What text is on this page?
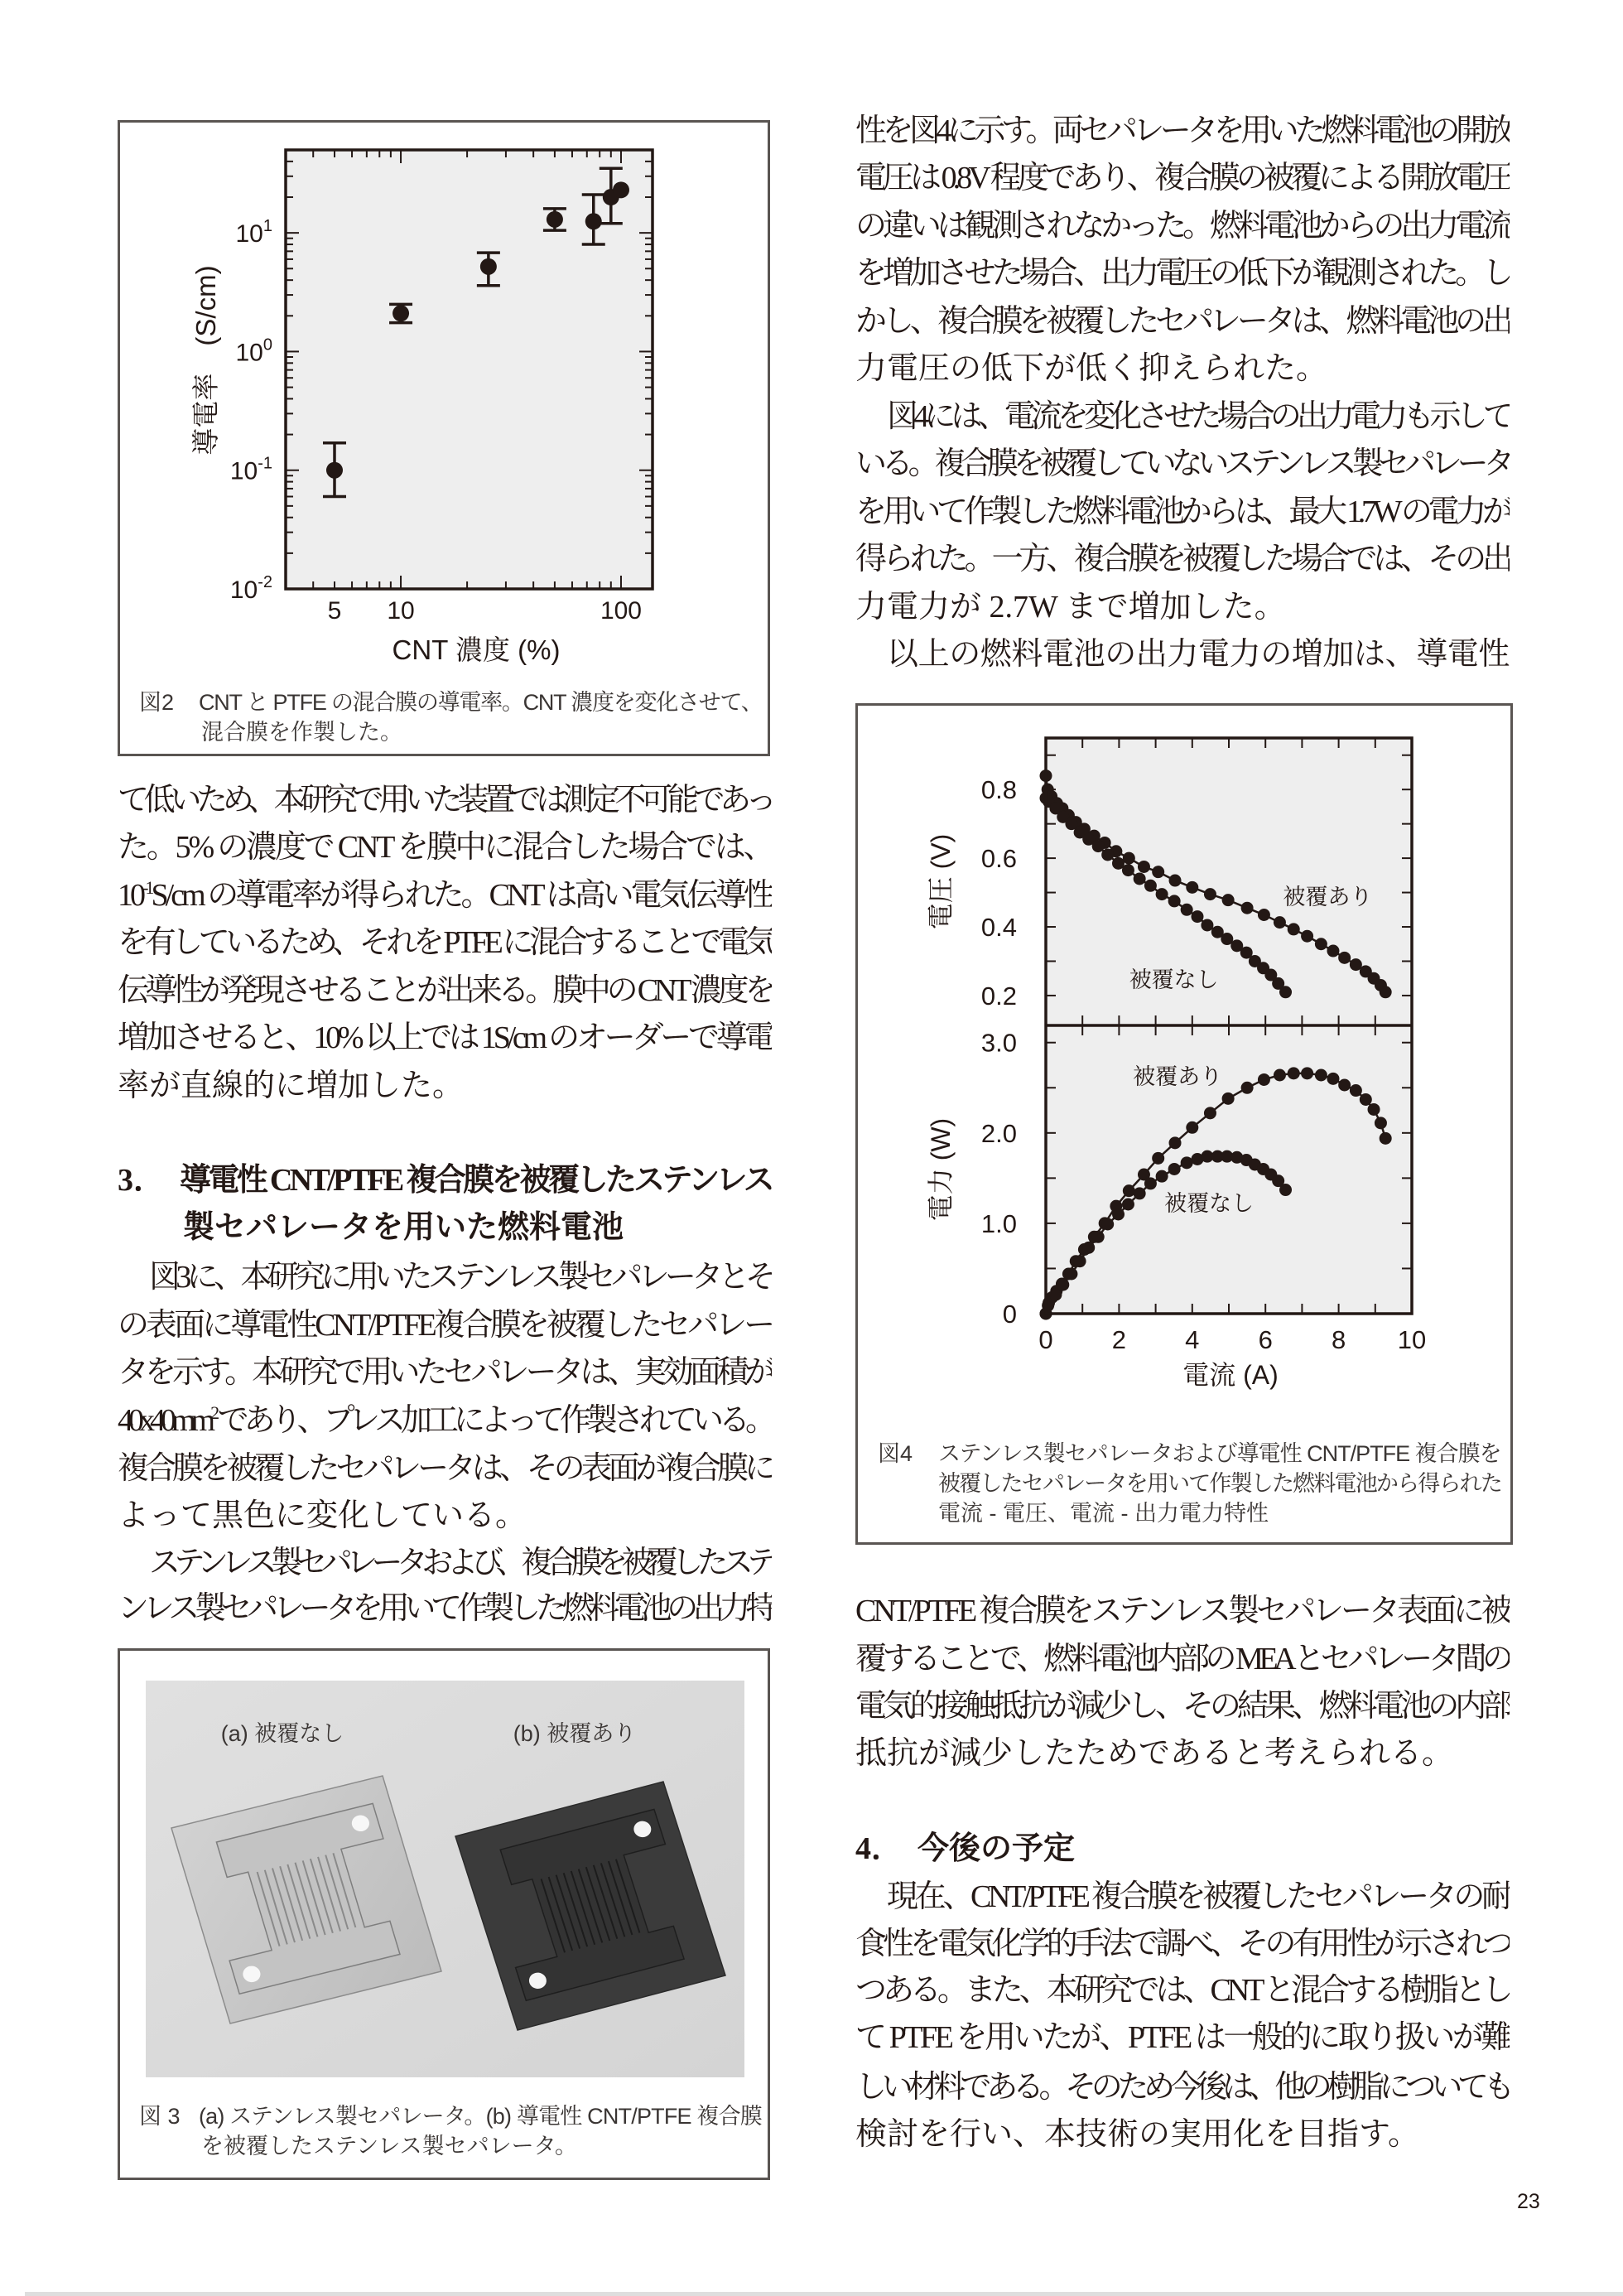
$10^1$
$10^0$
$10^{-1}$
$10^{-2}$
5 10	100
CNT 濃度 (%)
導電率　(S/cm)
図2 CNT と PTFE の混合膜の導電率。CNT 濃度を変化させて、
混合膜を作製した。
て低いため、本研究で用いた装置では測定不可能であっ
た。5% の濃度で CNT を膜中に混合した場合では、
$10^{-1}S/cm$ の導電率が得られた。CNT は高い電気伝導性
を有しているため、それを PTFE に混合することで電気
伝導性が発現させることが出来る。膜中の CNT 濃度を
増加させると、10% 以上では 1S/cm のオーダーで導電
率が直線的に増加した。
3． 導電性 CNT/PTFE 複合膜を被覆したステンレス
製セパレータを用いた燃料電池
図3に、本研究に用いたステンレス製セパレータとそ
の表面に導電性CNT/PTFE複合膜を被覆したセパレー
タを示す。本研究で用いたセパレータは、実効面積が
$40x40mm^2$ であり、プレス加工によって作製されている。
複合膜を被覆したセパレータは、その表面が複合膜に
よって黒色に変化している。
ステンレス製セパレータおよび、複合膜を被覆したステ
ンレス製セパレータを用いて作製した燃料電池の出力特
(a) 被覆なし	(b) 被覆あり
図 3 (a) ステンレス製セパレータ。(b) 導電性 CNT/PTFE 複合膜
を被覆したステンレス製セパレータ。
性を図4に示す。両セパレータを用いた燃料電池の開放
電圧は 0.8V 程度であり、複合膜の被覆による開放電圧
の違いは観測されなかった。燃料電池からの出力電流
を増加させた場合、出力電圧の低下が観測された。し
かし、複合膜を被覆したセパレータは、燃料電池の出
力電圧の低下が低く抑えられた。
図4には、電流を変化させた場合の出力電力も示して
いる。複合膜を被覆していないステンレス製セパレータ
を用いて作製した燃料電池からは、最大 1.7W の電力が
得られた。一方、複合膜を被覆した場合では、その出
力電力が 2.7W まで増加した。
以上の燃料電池の出力電力の増加は、導電性
0.2
0.4
0.6
0.8
電圧 (V)	被覆あり
被覆なし
0
1.0
2.0
3.0
電力 (W)
被覆あり
被覆なし
0 2 4 6 8 10
電流 (A)
図4 ステンレス製セパレータおよび導電性 CNT/PTFE 複合膜を
被覆したセパレータを用いて作製した燃料電池から得られた
電流 - 電圧、電流 - 出力電力特性
CNT/PTFE 複合膜をステンレス製セパレータ表面に被
覆することで、燃料電池内部の MEA とセパレータ間の
電気的接触抵抗が減少し、その結果、燃料電池の内部
抵抗が減少したためであると考えられる。
4． 今後の予定
現在、CNT/PTFE 複合膜を被覆したセパレータの耐
食性を電気化学的手法で調べ、その有用性が示されつ
つある。また、本研究では、CNT と混合する樹脂とし
て PTFE を用いたが、PTFE は一般的に取り扱いが難
しい材料である。そのため今後は、他の樹脂についても
検討を行い、本技術の実用化を目指す。
23
